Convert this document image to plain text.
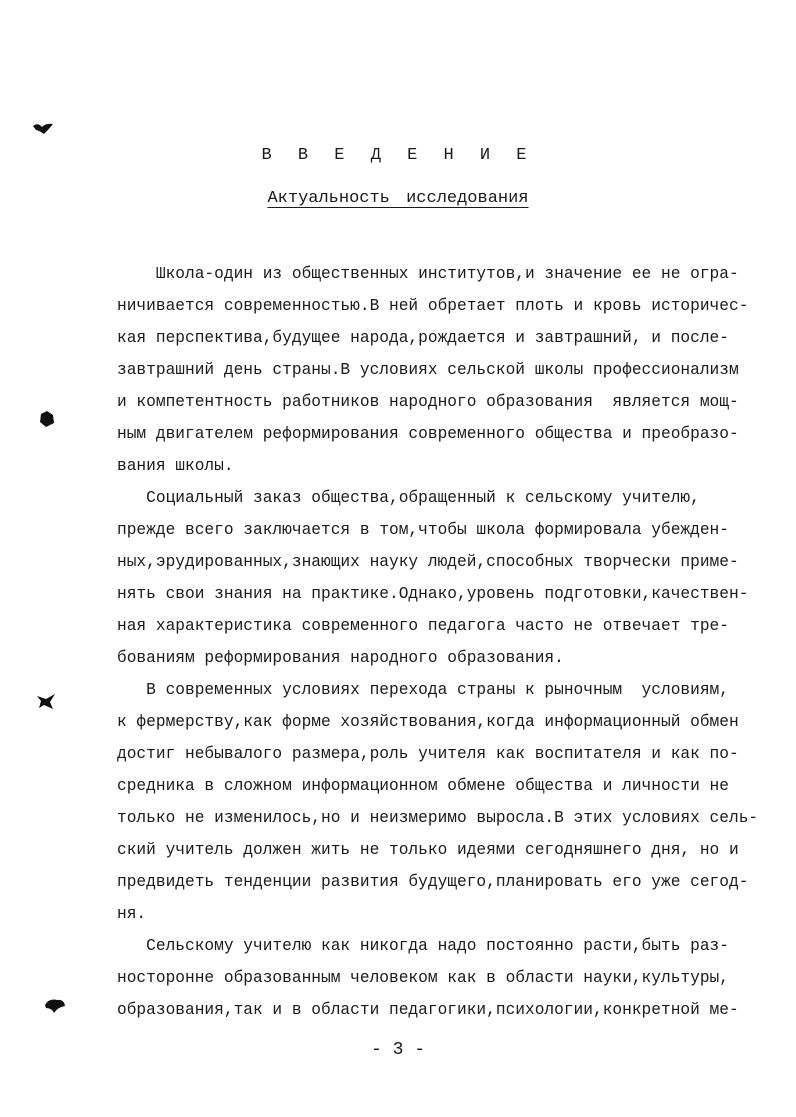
В В Е Д Е Н И Е
Актуальность исследования
Школа-один из общественных институтов,и значение ее не огра-
ничивается современностью.В ней обретает плоть и кровь историчес-
кая перспектива,будущее народа,рождается и завтрашний, и после-
завтрашний день страны.В условиях сельской школы профессионализм
и компетентность работников народного образования  является мощ-
ным двигателем реформирования современного общества и преобразо-
вания школы.
Социальный заказ общества,обращенный к сельскому учителю,
прежде всего заключается в том,чтобы школа формировала убежден-
ных,эрудированных,знающих науку людей,способных творчески приме-
нять свои знания на практике.Однако,уровень подготовки,качествен-
ная характеристика современного педагога часто не отвечает тре-
бованиям реформирования народного образования.
В современных условиях перехода страны к рыночным  условиям,
к фермерству,как форме хозяйствования,когда информационный обмен
достиг небывалого размера,роль учителя как воспитателя и как по-
средника в сложном информационном обмене общества и личности не
только не изменилось,но и неизмеримо выросла.В этих условиях сель-
ский учитель должен жить не только идеями сегодняшнего дня, но и
предвидеть тенденции развития будущего,планировать его уже сегод-
ня.
Сельскому учителю как никогда надо постоянно расти,быть раз-
носторонне образованным человеком как в области науки,культуры,
образования,так и в области педагогики,психологии,конкретной ме-
- 3 -
